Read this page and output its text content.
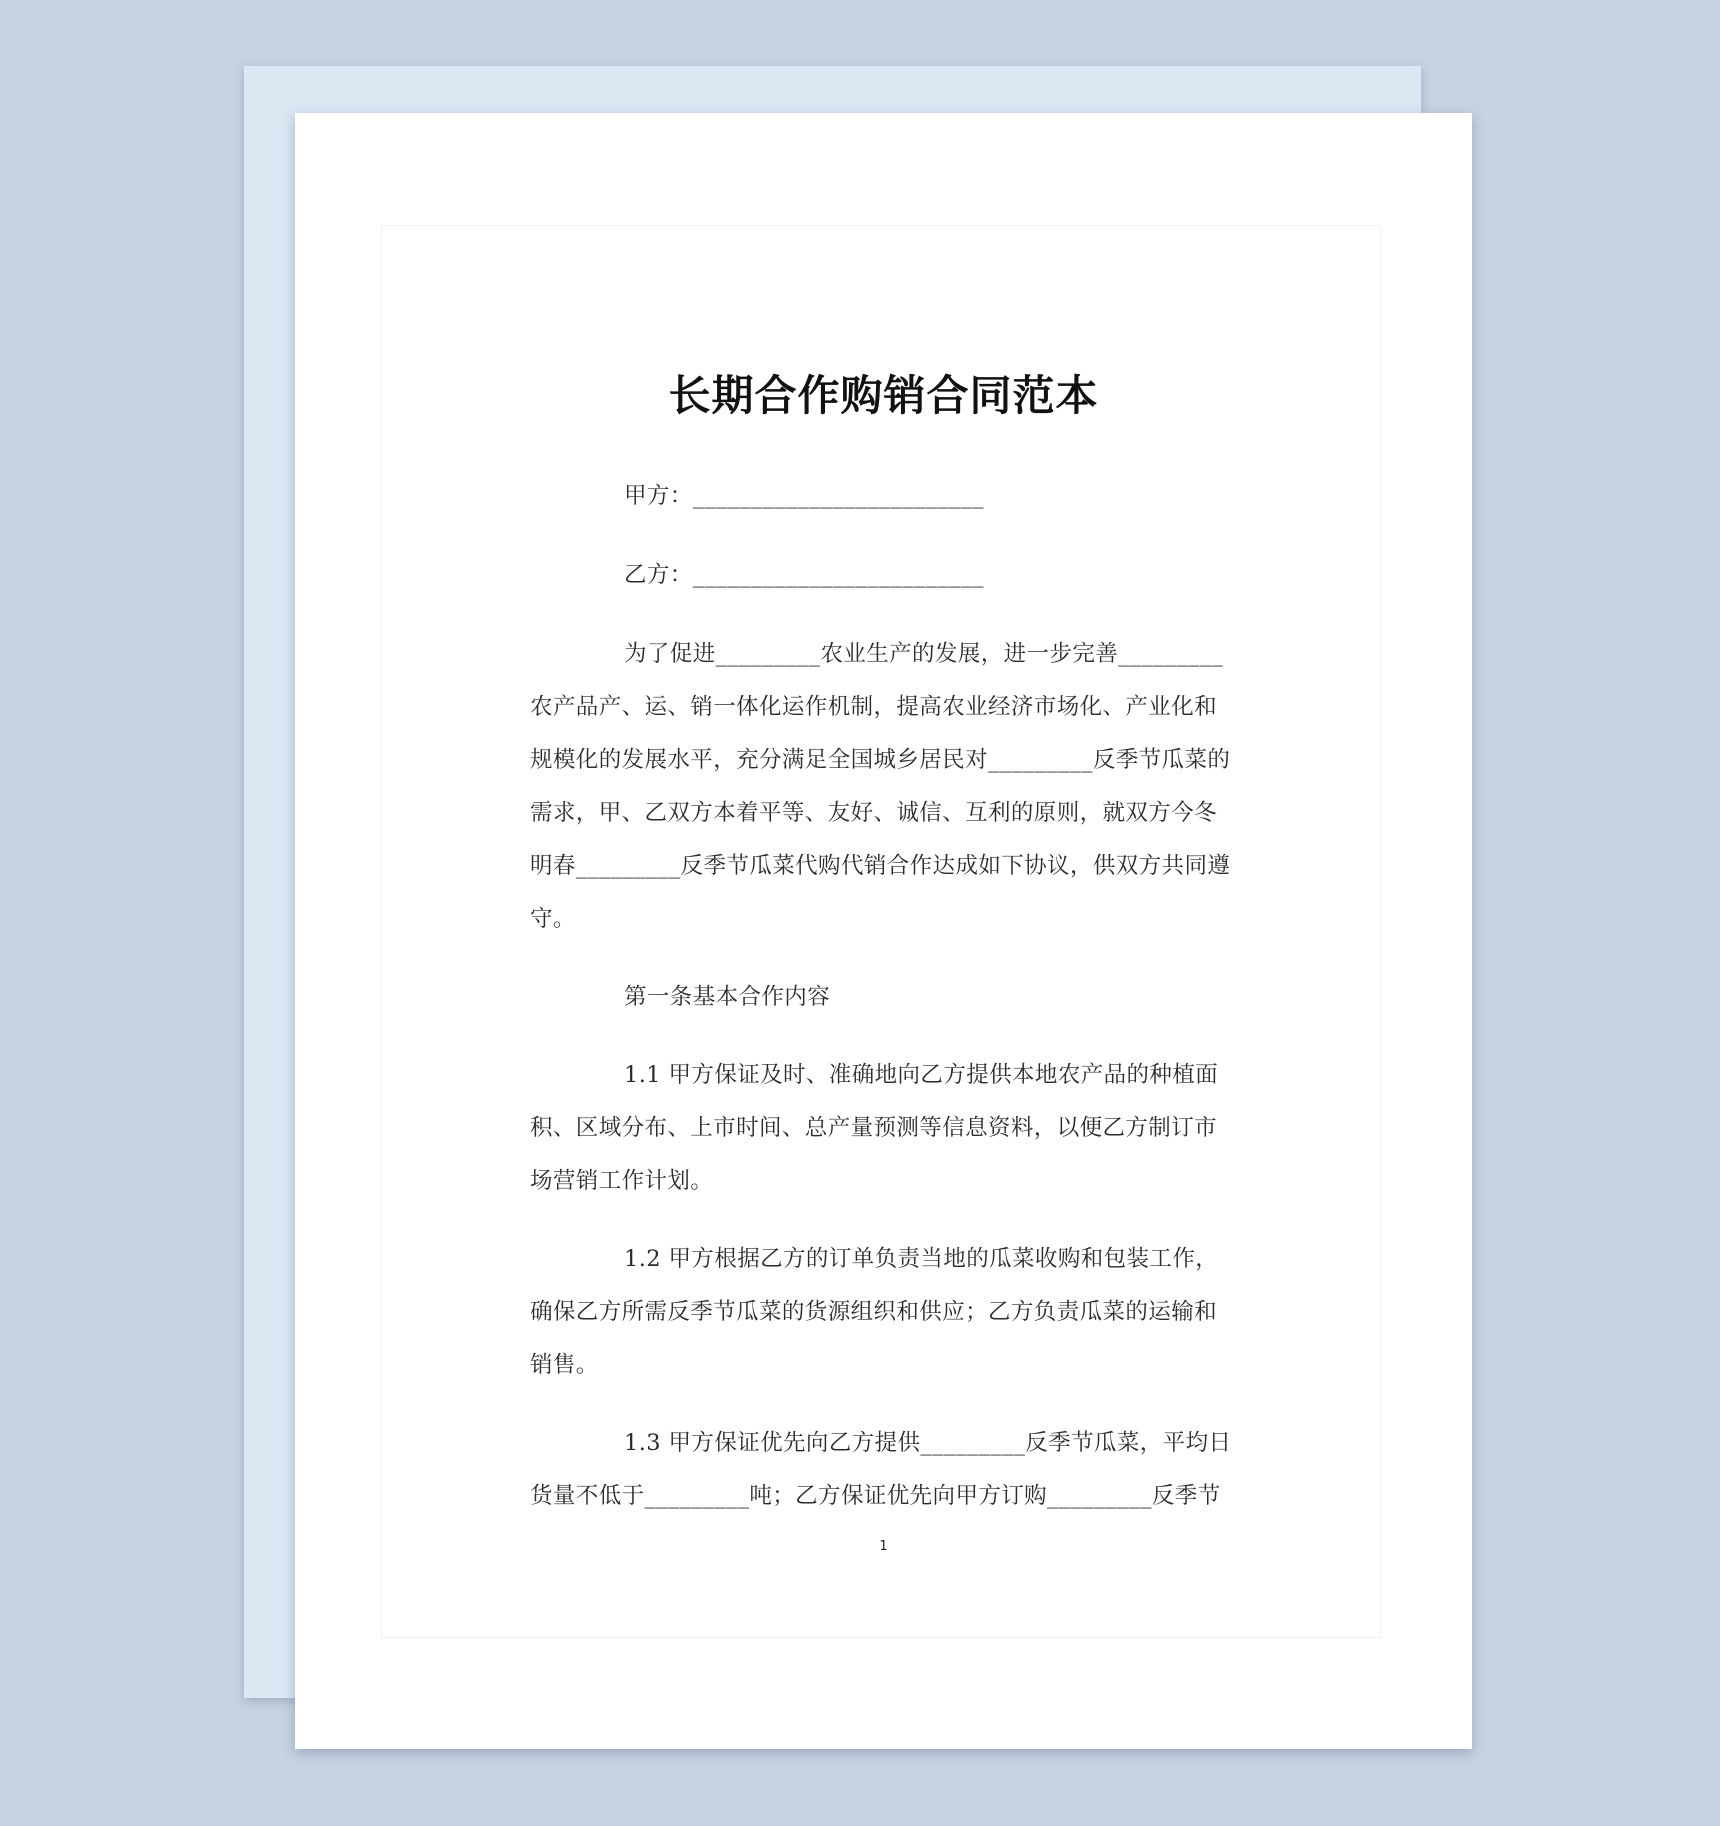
长期合作购销合同范本
甲方：_________________________
乙方：_________________________
为了促进_________农业生产的发展，进一步完善_________
农产品产、运、销一体化运作机制，提高农业经济市场化、产业化和
规模化的发展水平，充分满足全国城乡居民对_________反季节瓜菜的
需求，甲、乙双方本着平等、友好、诚信、互利的原则，就双方今冬
明春_________反季节瓜菜代购代销合作达成如下协议，供双方共同遵
守。
第一条基本合作内容
1.1 甲方保证及时、准确地向乙方提供本地农产品的种植面
积、区域分布、上市时间、总产量预测等信息资料，以便乙方制订市
场营销工作计划。
1.2 甲方根据乙方的订单负责当地的瓜菜收购和包装工作，
确保乙方所需反季节瓜菜的货源组织和供应；乙方负责瓜菜的运输和
销售。
1.3 甲方保证优先向乙方提供_________反季节瓜菜，平均日
货量不低于_________吨；乙方保证优先向甲方订购_________反季节
1
